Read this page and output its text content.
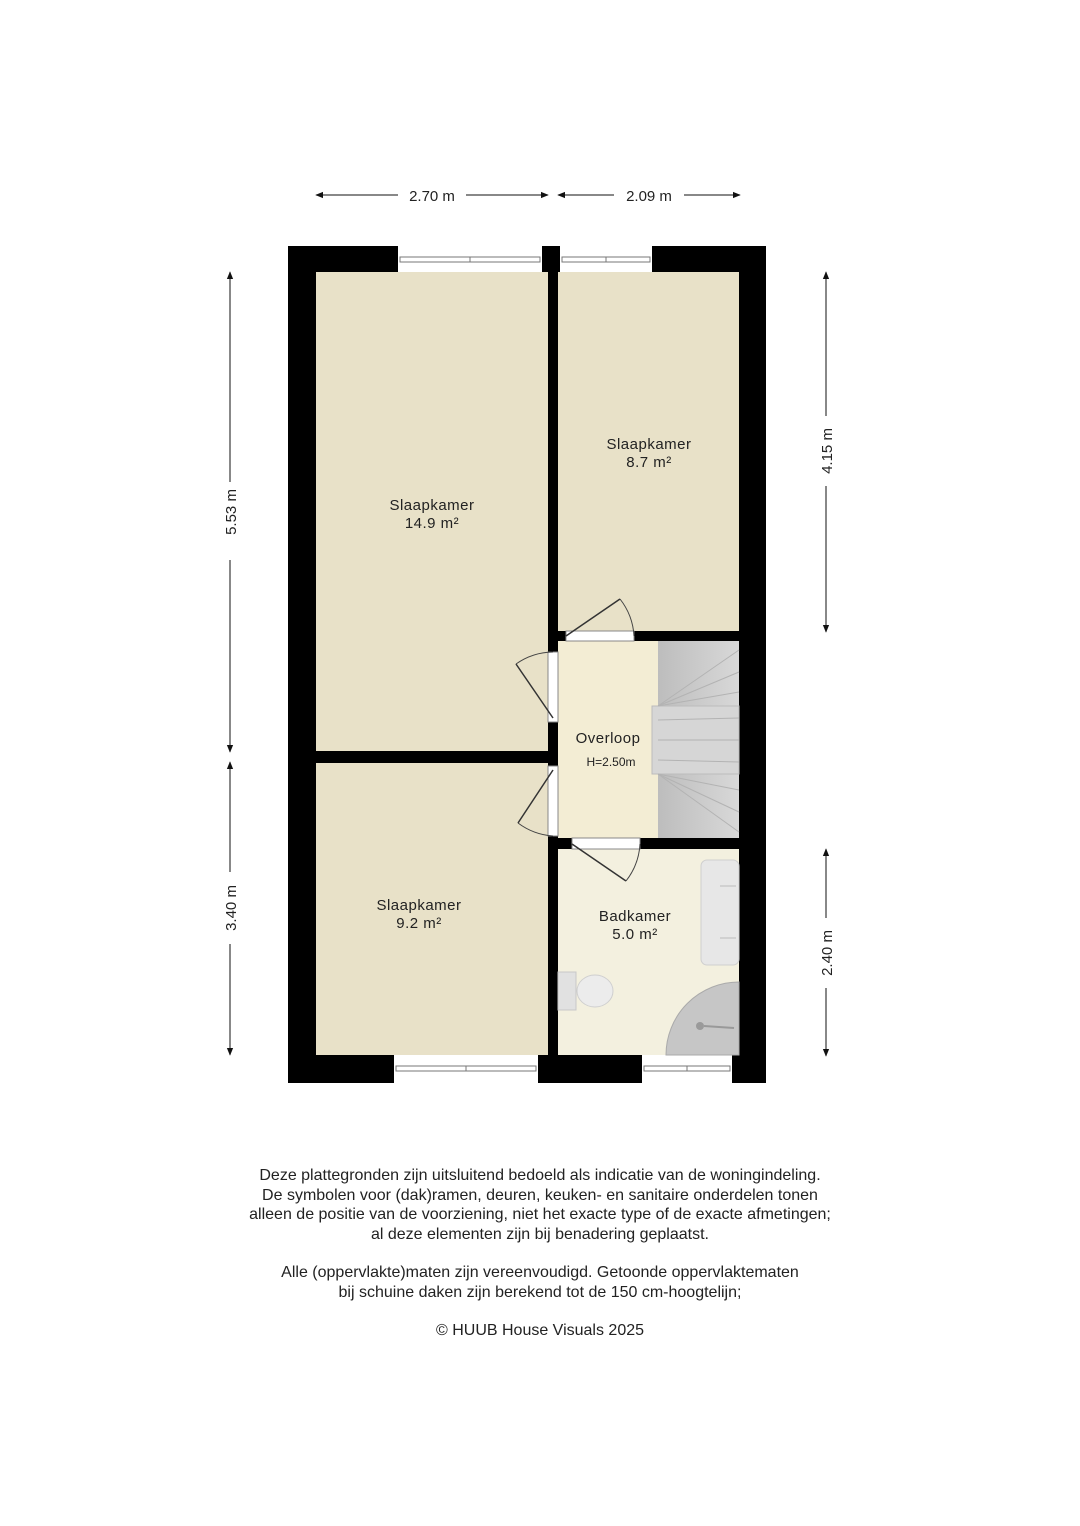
Slaapkamer
14.9 m²
Slaapkamer
8.7 m²
Slaapkamer
9.2 m²
Overloop
H=2.50m
Badkamer
5.0 m²
2.70 m	2.09 m
5.53 m
3.40 m
4.15 m
2.40 m

Deze plattegronden zijn uitsluitend bedoeld als indicatie van de woningindeling.
De symbolen voor (dak)ramen, deuren, keuken- en sanitaire onderdelen tonen
alleen de positie van de voorziening, niet het exacte type of de exacte afmetingen;
al deze elementen zijn bij benadering geplaatst.

Alle (oppervlakte)maten zijn vereenvoudigd. Getoonde oppervlaktematen
bij schuine daken zijn berekend tot de 150 cm-hoogtelijn;

© HUUB House Visuals 2025
